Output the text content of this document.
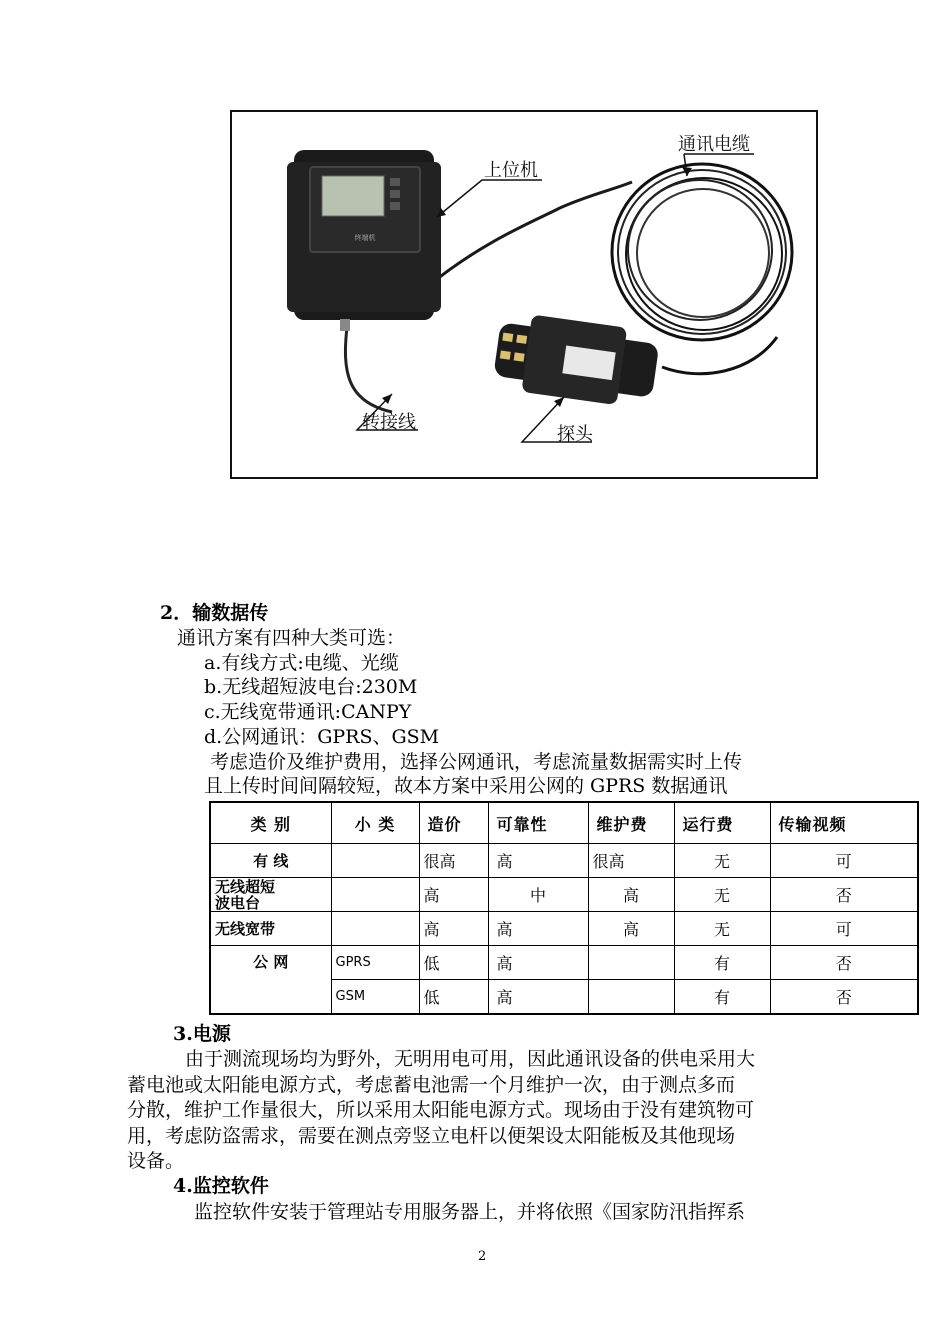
终端机
通讯电缆
上位机
转接线
探头
2．输数据传
通讯方案有四种大类可选：
a.有线方式:电缆、光缆
b.无线超短波电台:230M
c.无线宽带通讯:CANPY
d.公网通讯：GPRS、GSM
考虑造价及维护费用，选择公网通讯，考虑流量数据需实时上传
且上传时间间隔较短，故本方案中采用公网的 GPRS 数据通讯
类 别	小 类	造价	可靠性	维护费	运行费	传输视频
有 线		很高	高	很高	无	可
无线超短
波电台		高	中	高	无	否
无线宽带		高	高	高	无	可
公 网	GPRS	低	高		有	否
	GSM	低	高		有	否
3.电源
由于测流现场均为野外，无明用电可用，因此通讯设备的供电采用大
蓄电池或太阳能电源方式，考虑蓄电池需一个月维护一次，由于测点多而
分散，维护工作量很大，所以采用太阳能电源方式。现场由于没有建筑物可
用，考虑防盗需求，需要在测点旁竖立电杆以便架设太阳能板及其他现场
设备。
4.监控软件
监控软件安装于管理站专用服务器上，并将依照《国家防汛指挥系
2
